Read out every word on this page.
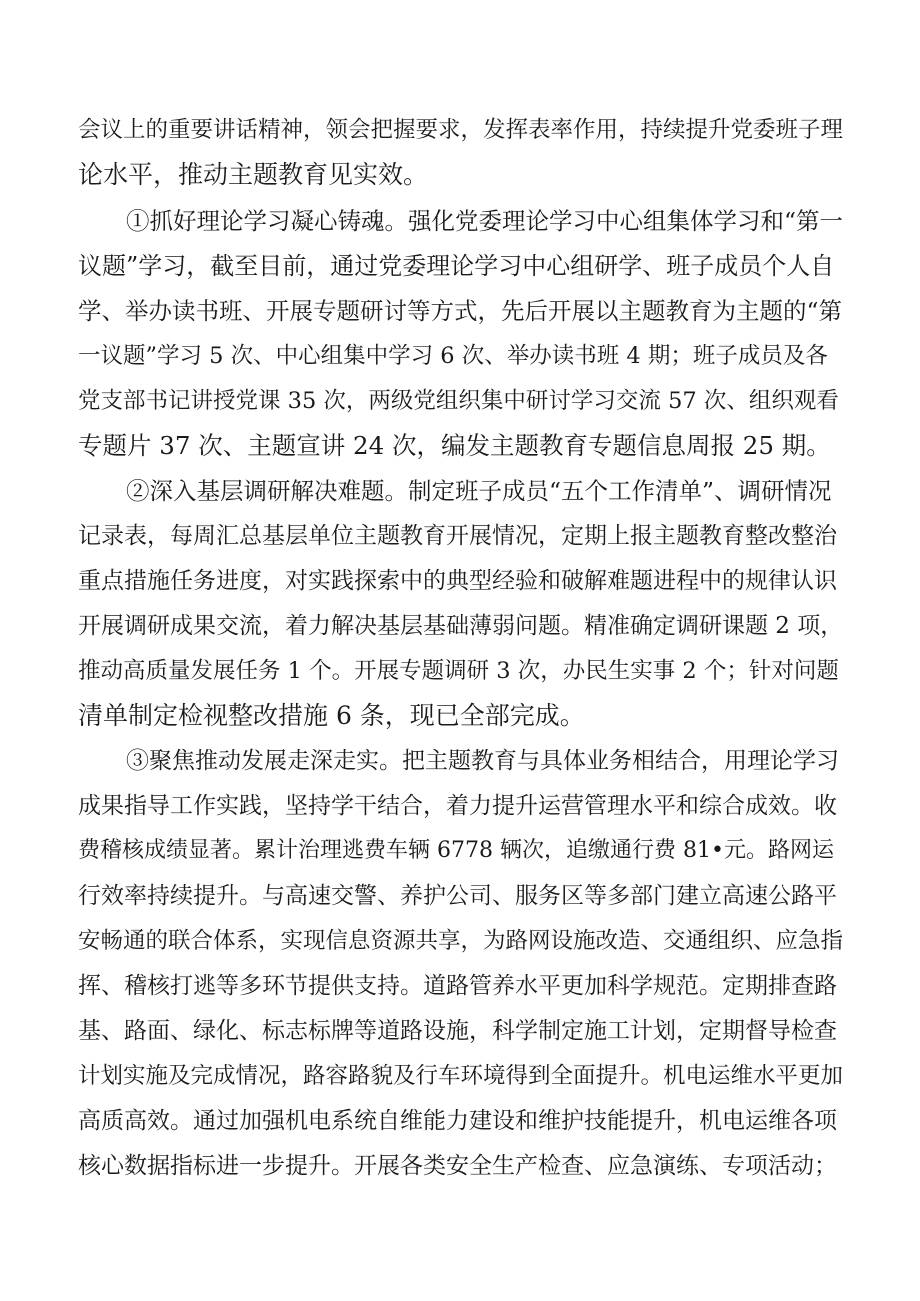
会议上的重要讲话精神，领会把握要求，发挥表率作用，持续提升党委班子理
论水平，推动主题教育见实效。
①抓好理论学习凝心铸魂。强化党委理论学习中心组集体学习和“第一
议题”学习，截至目前，通过党委理论学习中心组研学、班子成员个人自
学、举办读书班、开展专题研讨等方式，先后开展以主题教育为主题的“第
一议题”学习 5 次、中心组集中学习 6 次、举办读书班 4 期；班子成员及各
党支部书记讲授党课 35 次，两级党组织集中研讨学习交流 57 次、组织观看
专题片 37 次、主题宣讲 24 次，编发主题教育专题信息周报 25 期。
②深入基层调研解决难题。制定班子成员“五个工作清单”、调研情况
记录表，每周汇总基层单位主题教育开展情况，定期上报主题教育整改整治
重点措施任务进度，对实践探索中的典型经验和破解难题进程中的规律认识
开展调研成果交流，着力解决基层基础薄弱问题。精准确定调研课题 2 项，
推动高质量发展任务 1 个。开展专题调研 3 次，办民生实事 2 个；针对问题
清单制定检视整改措施 6 条，现已全部完成。
③聚焦推动发展走深走实。把主题教育与具体业务相结合，用理论学习
成果指导工作实践，坚持学干结合，着力提升运营管理水平和综合成效。收
费稽核成绩显著。累计治理逃费车辆 6778 辆次，追缴通行费 81•元。路网运
行效率持续提升。与高速交警、养护公司、服务区等多部门建立高速公路平
安畅通的联合体系，实现信息资源共享，为路网设施改造、交通组织、应急指
挥、稽核打逃等多环节提供支持。道路管养水平更加科学规范。定期排查路
基、路面、绿化、标志标牌等道路设施，科学制定施工计划，定期督导检查
计划实施及完成情况，路容路貌及行车环境得到全面提升。机电运维水平更加
高质高效。通过加强机电系统自维能力建设和维护技能提升，机电运维各项
核心数据指标进一步提升。开展各类安全生产检查、应急演练、专项活动；
